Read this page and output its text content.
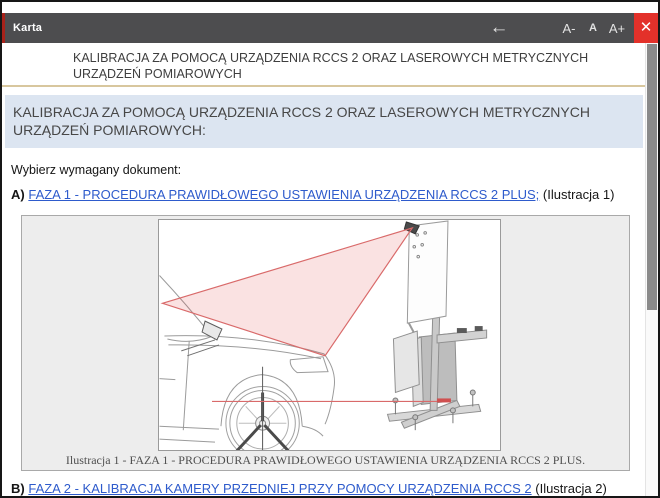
Karta	←	A-	A A+ ✕
KALIBRACJA ZA POMOCĄ URZĄDZENIA RCCS 2 ORAZ LASEROWYCH METRYCZNYCH
URZĄDZEŃ POMIAROWYCH
KALIBRACJA ZA POMOCĄ URZĄDZENIA RCCS 2 ORAZ LASEROWYCH METRYCZNYCH
URZĄDZEŃ POMIAROWYCH:
Wybierz wymagany dokument:
A) FAZA 1 - PROCEDURA PRAWIDŁOWEGO USTAWIENIA URZĄDZENIA RCCS 2 PLUS; (Ilustracja 1)
Ilustracja 1 - FAZA 1 - PROCEDURA PRAWIDŁOWEGO USTAWIENIA URZĄDZENIA RCCS 2 PLUS.
B) FAZA 2 - KALIBRACJA KAMERY PRZEDNIEJ PRZY POMOCY URZĄDZENIA RCCS 2 (Ilustracja 2)
